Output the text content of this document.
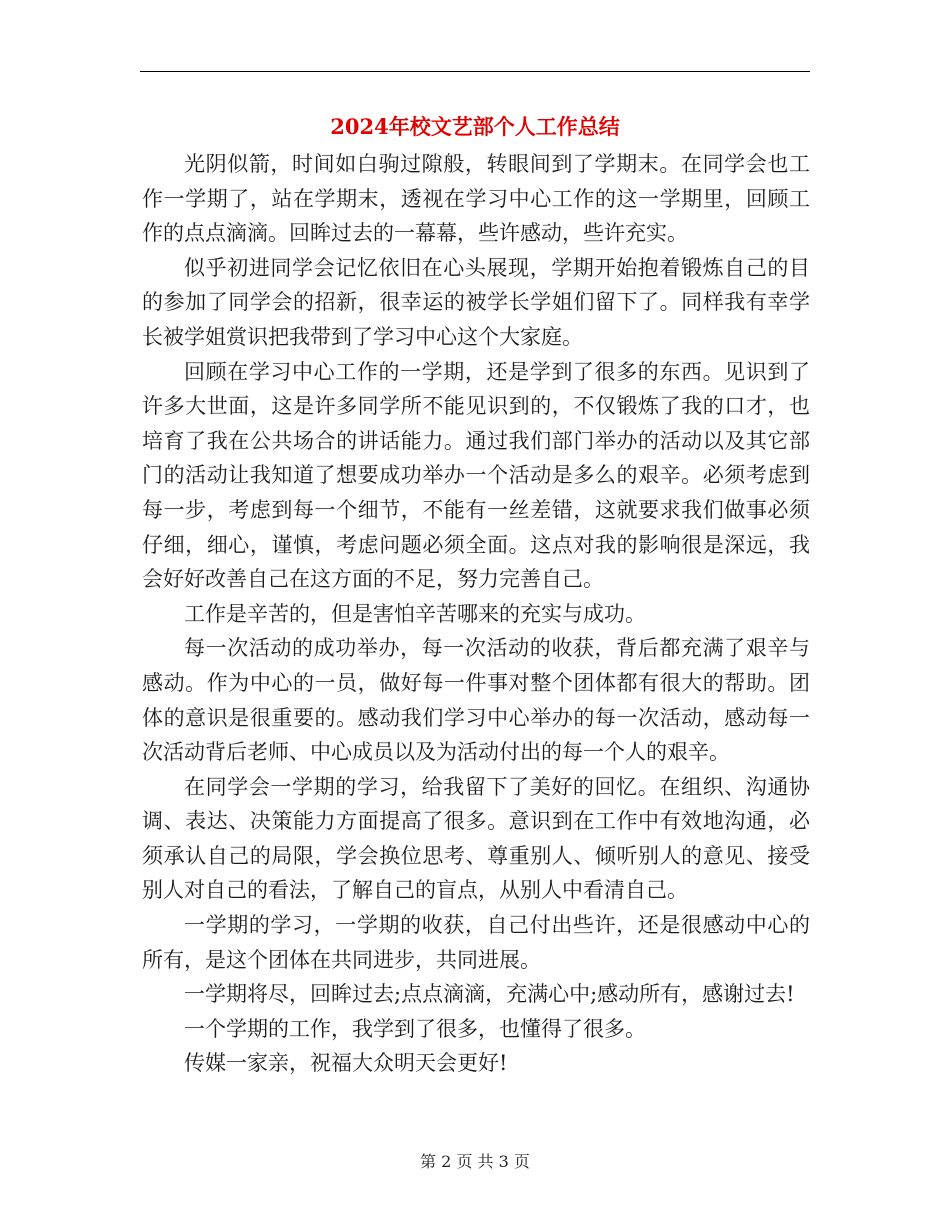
2024年校文艺部个人工作总结

光阴似箭，时间如白驹过隙般，转眼间到了学期末。在同学会也工作一学期了，站在学期末，透视在学习中心工作的这一学期里，回顾工作的点点滴滴。回眸过去的一幕幕，些许感动，些许充实。

似乎初进同学会记忆依旧在心头展现，学期开始抱着锻炼自己的目的参加了同学会的招新，很幸运的被学长学姐们留下了。同样我有幸学长被学姐赏识把我带到了学习中心这个大家庭。

回顾在学习中心工作的一学期，还是学到了很多的东西。见识到了许多大世面，这是许多同学所不能见识到的，不仅锻炼了我的口才，也培育了我在公共场合的讲话能力。通过我们部门举办的活动以及其它部门的活动让我知道了想要成功举办一个活动是多么的艰辛。必须考虑到每一步，考虑到每一个细节，不能有一丝差错，这就要求我们做事必须仔细，细心，谨慎，考虑问题必须全面。这点对我的影响很是深远，我会好好改善自己在这方面的不足，努力完善自己。

工作是辛苦的，但是害怕辛苦哪来的充实与成功。

每一次活动的成功举办，每一次活动的收获，背后都充满了艰辛与感动。作为中心的一员，做好每一件事对整个团体都有很大的帮助。团体的意识是很重要的。感动我们学习中心举办的每一次活动，感动每一次活动背后老师、中心成员以及为活动付出的每一个人的艰辛。

在同学会一学期的学习，给我留下了美好的回忆。在组织、沟通协调、表达、决策能力方面提高了很多。意识到在工作中有效地沟通，必须承认自己的局限，学会换位思考、尊重别人、倾听别人的意见、接受别人对自己的看法，了解自己的盲点，从别人中看清自己。

一学期的学习，一学期的收获，自己付出些许，还是很感动中心的所有，是这个团体在共同进步，共同进展。

一学期将尽，回眸过去;点点滴滴，充满心中;感动所有，感谢过去!

一个学期的工作，我学到了很多，也懂得了很多。

传媒一家亲，祝福大众明天会更好!

第 2 页 共 3 页
